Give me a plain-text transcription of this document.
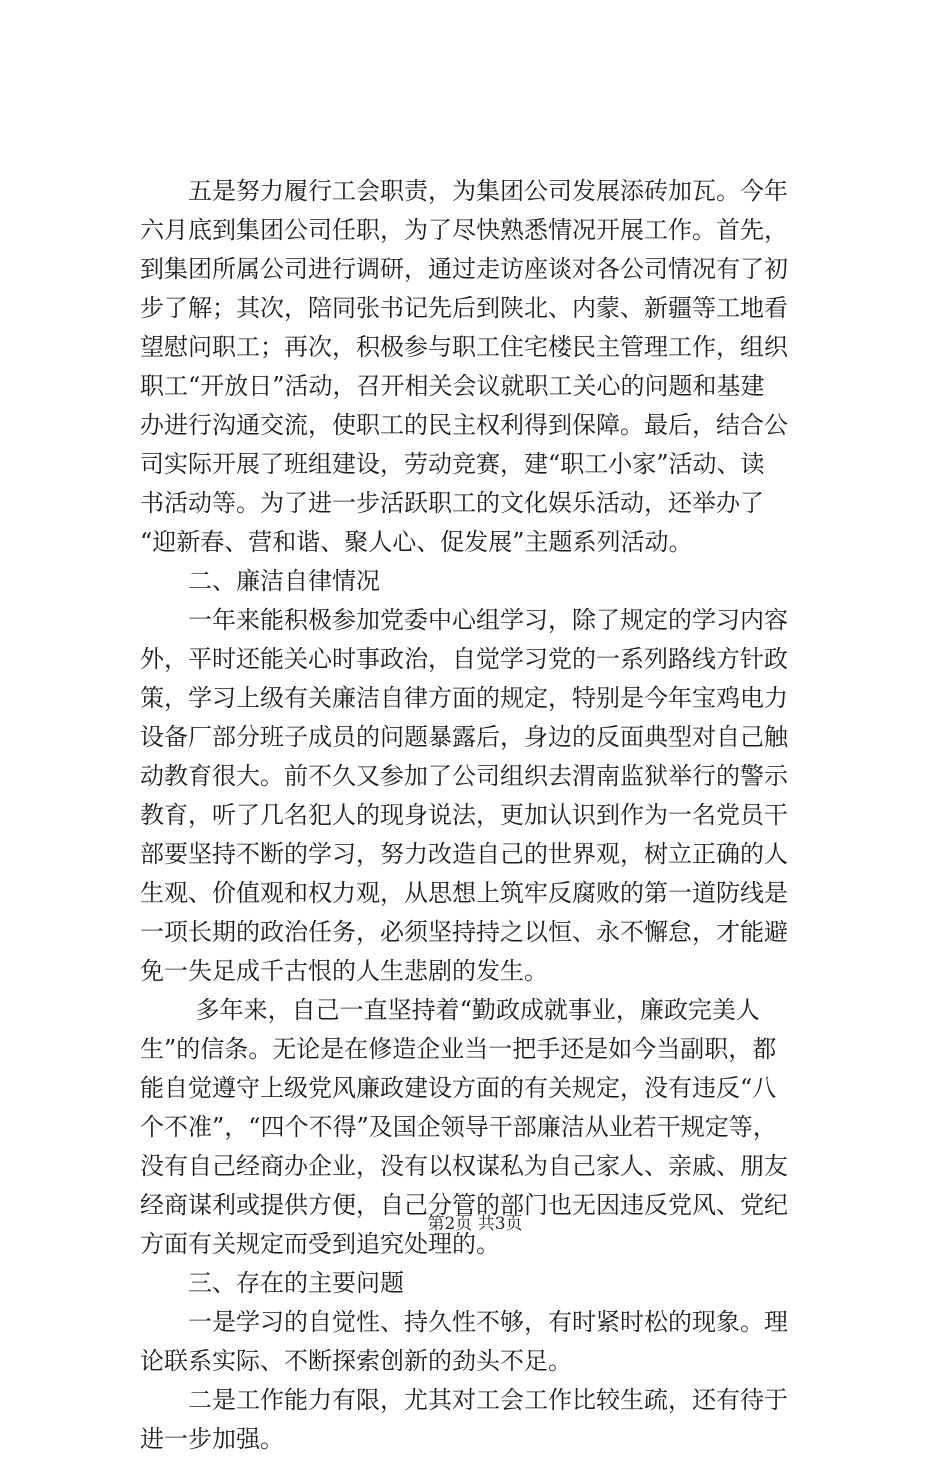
　　五是努力履行工会职责，为集团公司发展添砖加瓦。今年
六月底到集团公司任职，为了尽快熟悉情况开展工作。首先，
到集团所属公司进行调研，通过走访座谈对各公司情况有了初
步了解；其次，陪同张书记先后到陕北、内蒙、新疆等工地看
望慰问职工；再次，积极参与职工住宅楼民主管理工作，组织
职工“开放日”活动，召开相关会议就职工关心的问题和基建
办进行沟通交流，使职工的民主权利得到保障。最后，结合公
司实际开展了班组建设，劳动竞赛，建“职工小家”活动、读
书活动等。为了进一步活跃职工的文化娱乐活动，还举办了
“迎新春、营和谐、聚人心、促发展”主题系列活动。
　　二、廉洁自律情况
　　一年来能积极参加党委中心组学习，除了规定的学习内容
外，平时还能关心时事政治，自觉学习党的一系列路线方针政
策，学习上级有关廉洁自律方面的规定，特别是今年宝鸡电力
设备厂部分班子成员的问题暴露后，身边的反面典型对自己触
动教育很大。前不久又参加了公司组织去渭南监狱举行的警示
教育，听了几名犯人的现身说法，更加认识到作为一名党员干
部要坚持不断的学习，努力改造自己的世界观，树立正确的人
生观、价值观和权力观，从思想上筑牢反腐败的第一道防线是
一项长期的政治任务，必须坚持持之以恒、永不懈怠，才能避
免一失足成千古恨的人生悲剧的发生。
　　 多年来，自己一直坚持着“勤政成就事业，廉政完美人
生”的信条。无论是在修造企业当一把手还是如今当副职，都
能自觉遵守上级党风廉政建设方面的有关规定，没有违反“八
个不准”，“四个不得”及国企领导干部廉洁从业若干规定等，
没有自己经商办企业，没有以权谋私为自己家人、亲戚、朋友
经商谋利或提供方便，自己分管的部门也无因违反党风、党纪
方面有关规定而受到追究处理的。
　　三、存在的主要问题
　　一是学习的自觉性、持久性不够，有时紧时松的现象。理
论联系实际、不断探索创新的劲头不足。
　　二是工作能力有限，尤其对工会工作比较生疏，还有待于
进一步加强。
第2页 共3页
